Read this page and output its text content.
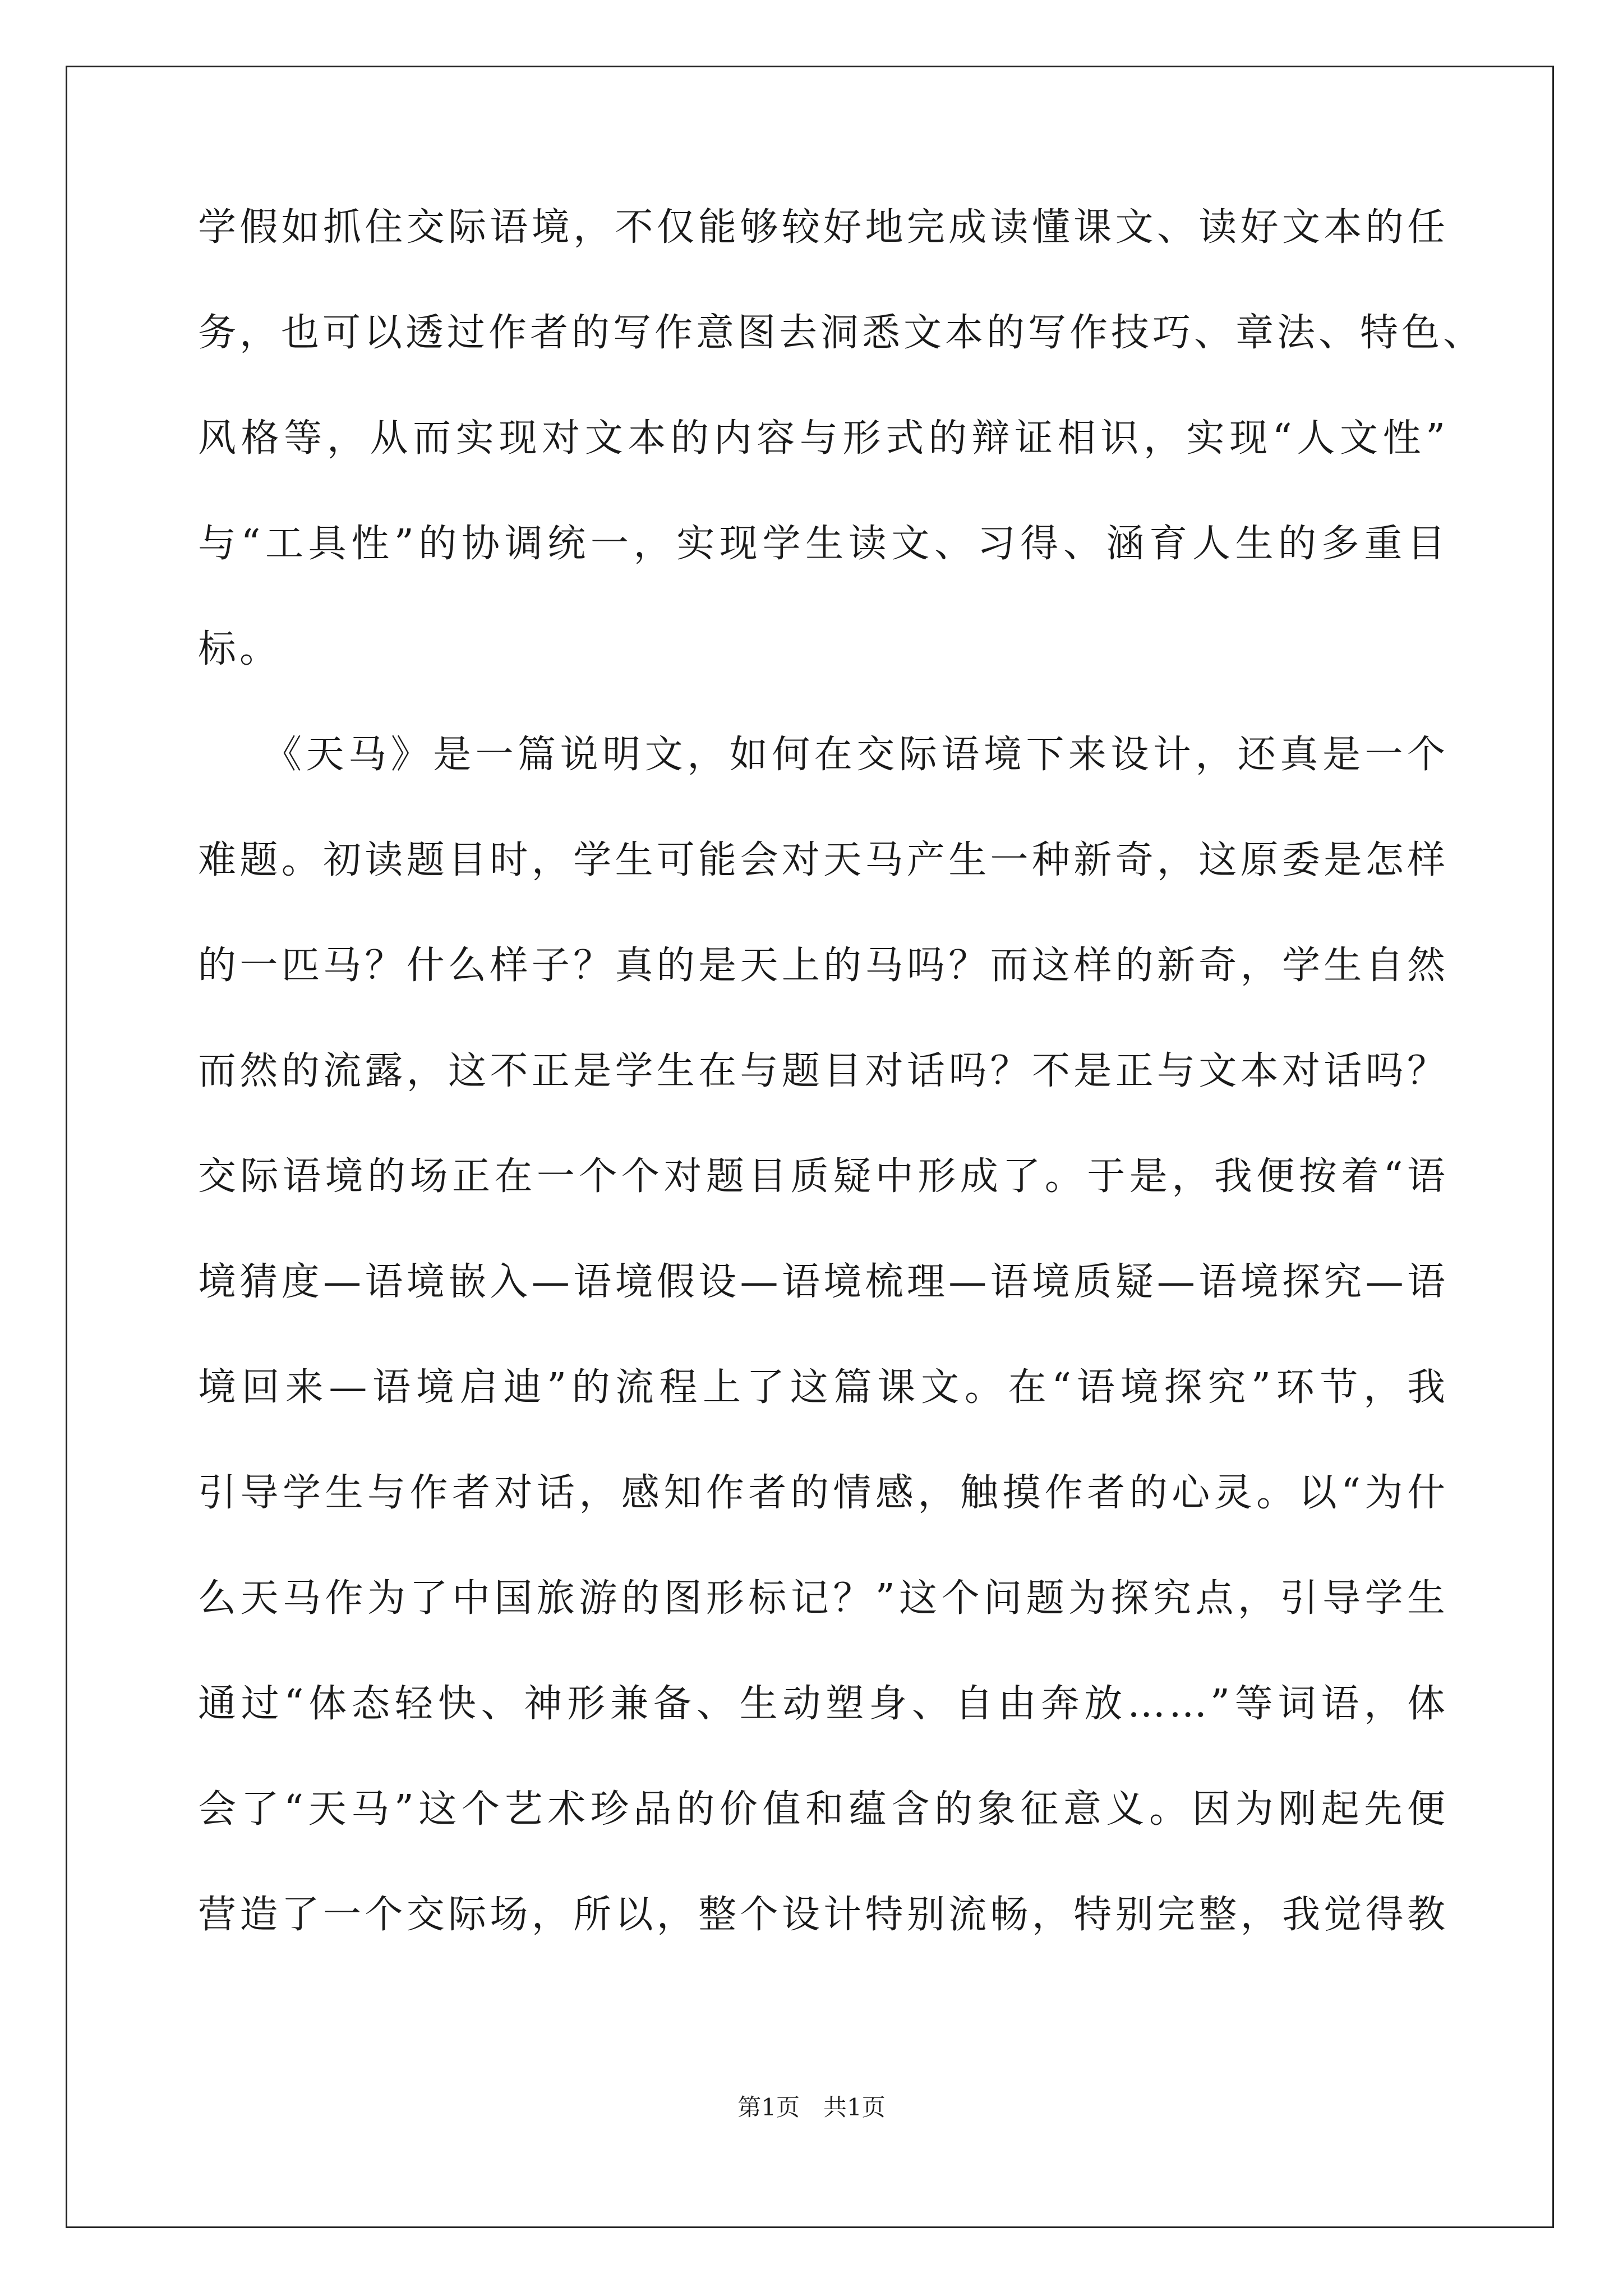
学假如抓住交际语境，不仅能够较好地完成读懂课文、读好文本的任
务，也可以透过作者的写作意图去洞悉文本的写作技巧、章法、特色、
风格等，从而实现对文本的内容与形式的辩证相识，实现“人文性”
与“工具性”的协调统一，实现学生读文、习得、涵育人生的多重目
标。
　　《天马》是一篇说明文，如何在交际语境下来设计，还真是一个
难题。初读题目时，学生可能会对天马产生一种新奇，这原委是怎样
的一匹马？什么样子？真的是天上的马吗？而这样的新奇，学生自然
而然的流露，这不正是学生在与题目对话吗？不是正与文本对话吗？
交际语境的场正在一个个对题目质疑中形成了。于是，我便按着“语
境猜度—语境嵌入—语境假设—语境梳理—语境质疑—语境探究—语
境回来—语境启迪”的流程上了这篇课文。在“语境探究”环节，我
引导学生与作者对话，感知作者的情感，触摸作者的心灵。以“为什
么天马作为了中国旅游的图形标记？”这个问题为探究点，引导学生
通过“体态轻快、神形兼备、生动塑身、自由奔放……”等词语，体
会了“天马”这个艺术珍品的价值和蕴含的象征意义。因为刚起先便
营造了一个交际场，所以，整个设计特别流畅，特别完整，我觉得教
第1页　共1页
